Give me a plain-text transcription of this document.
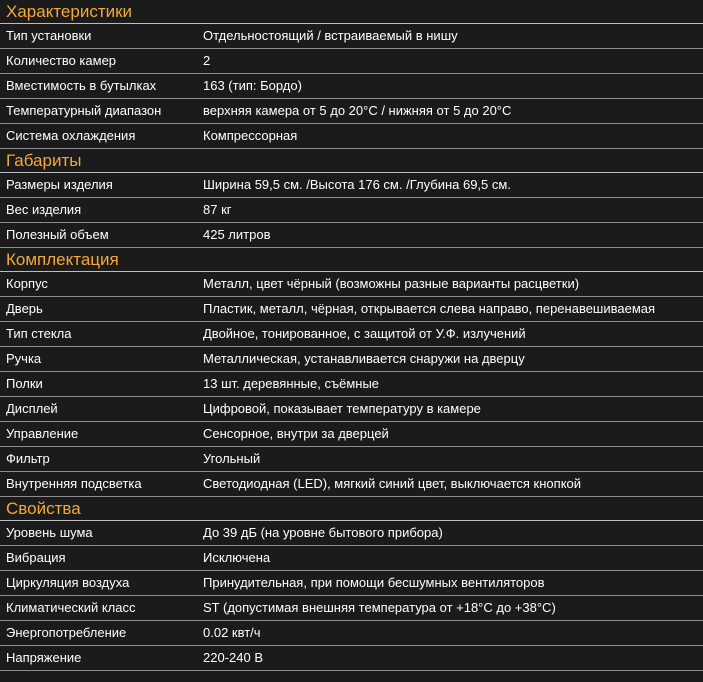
Характеристики
Тип установки	Отдельностоящий / встраиваемый в нишу
Количество камер	2
Вместимость в бутылках	163 (тип: Бордо)
Температурный диапазон	верхняя камера от 5 до 20°С / нижняя от 5 до 20°С
Система охлаждения	Компрессорная
Габариты
Размеры изделия	Ширина 59,5 см. /Высота 176 см. /Глубина 69,5 см.
Вес изделия	87 кг
Полезный объем	425 литров
Комплектация
Корпус	Металл, цвет чёрный (возможны разные варианты расцветки)
Дверь	Пластик, металл, чёрная, открывается слева направо, перенавешиваемая
Тип стекла	Двойное, тонированное, с защитой от У.Ф. излучений
Ручка	Металлическая, устанавливается снаружи на дверцу
Полки	13 шт. деревянные, съёмные
Дисплей	Цифровой, показывает температуру в камере
Управление	Сенсорное, внутри за дверцей
Фильтр	Угольный
Внутренняя подсветка	Светодиодная (LED), мягкий синий цвет, выключается кнопкой
Свойства
Уровень шума	До 39 дБ (на уровне бытового прибора)
Вибрация	Исключена
Циркуляция воздуха	Принудительная, при помощи бесшумных вентиляторов
Климатический класс	ST (допустимая внешняя температура от +18°С до +38°С)
Энергопотребление	0.02 квт/ч
Напряжение	220-240 В
